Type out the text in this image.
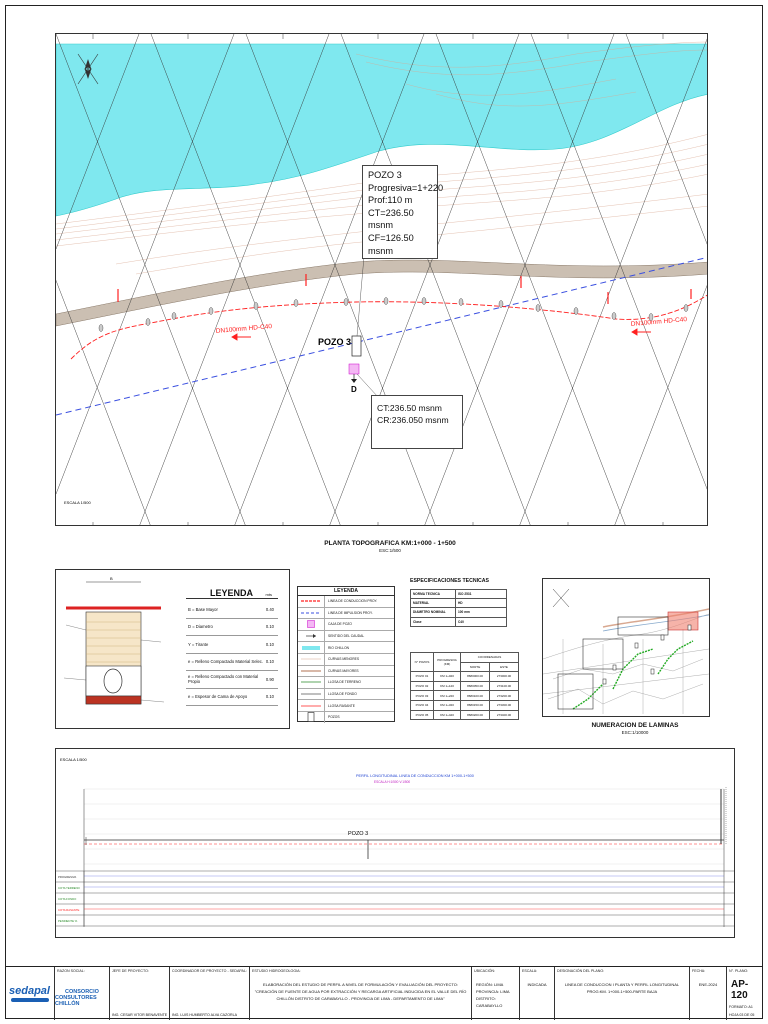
DN100mm HD-C40
DN100mm HD-C40
POZO 3
D
ESCALA 1/500
POZO 3
Progresiva=1+220
Prof:110 m
CT=236.50 msnm
CF=126.50 msnm
CT:236.50 msnm
CR:236.050 msnm
PLANTA TOPOGRAFICA KM:1+000 - 1+500
ESC:1/500
B
LEYENDA	mts
B = Base Mayor	0.40
D = Diametro	0.10
Y = Tirante	0.10
e = Relleno Compactado Material Selec. 0.10
e = Relleno Compactado con Material Propio	0.90
e = Espesor de Cama de Apoyo	0.10
LEYENDA
LINEA DE CONDUCCION PROY.
LINEA DE IMPULSION PROY.
CAJA DE POZO
SENTIDO DEL CAUDAL
RIO CHILLON
CURVAS MENORES
CURVAS MAYORES
LLOSA DE TERRENO
LLOSA DE FONDO
LLOSA RASANTE
POZOS
ESPECIFICACIONES TECNICAS
NORMA TECNICA	ISO 2531
MATERIAL	HD
DIAMETRO NOMINAL	100 mm
Clase	C40
N° POZOS	PROGRESIVA (KM)	COORDENADAS	
		NORTE	ESTE
POZO 01	KM 1+020	8680000.00	273000.00
POZO 02	KM 1+120	8680050.00	273100.00
POZO 03	KM 1+220	8680100.00	273200.00
POZO 04	KM 1+320	8680150.00	273300.00
POZO 05	KM 1+420	8680200.00	273400.00
NUMERACION DE LAMINAS
ESC:1/10000
ESCALA 1/500
PERFIL LONGITUDINAL LINEA DE CONDUCCION KM 1+000-1+500
ESCALA H:1/500 V:1/500
POZO 3
PROGRESIVA
COTA TERRENO
COTA FONDO
COTA RASANTE
PENDIENTE %
sedapal
RAZON SOCIAL:
CONSORCIO
CONSULTORES CHILLÓN
JEFE DE PROYECTO:
ING. CESAR VITOR BENAVENTE
COORDINADOR DE PROYECTO - SEDAPAL:
ING. LUIS HUMBERTO ALVA CAZORLA
ESTUDIO HIDROGEOLOGIA:
ELABORACIÓN DEL ESTUDIO DE PERFIL A NIVEL DE FORMULACIÓN Y EVALUACIÓN DEL PROYECTO: "CREACIÓN DE FUENTE DE AGUA POR EXTRACCIÓN Y RECARGA ARTIFICIAL INDUCIDA EN EL VALLE DEL RÍO CHILLÓN DISTRITO DE CARABAYLLO - PROVINCIA DE LIMA - DEPARTAMENTO DE LIMA"
UBICACIÓN:
REGIÓN: LIMA PROVINCIA: LIMA DISTRITO: CARABAYLLO
ESCALA:
INDICADA
DESIGNACIÓN DEL PLANO:
LINEA DE CONDUCCION I PLANTA Y PERFIL LONGITUDINAL PROG:KM. 1+000-1+500-PARTE BAJA
FECHA:
ENE-2024
N°. PLANO:
AP-120
FORMATO: A1
HOJA 03 DE 05
